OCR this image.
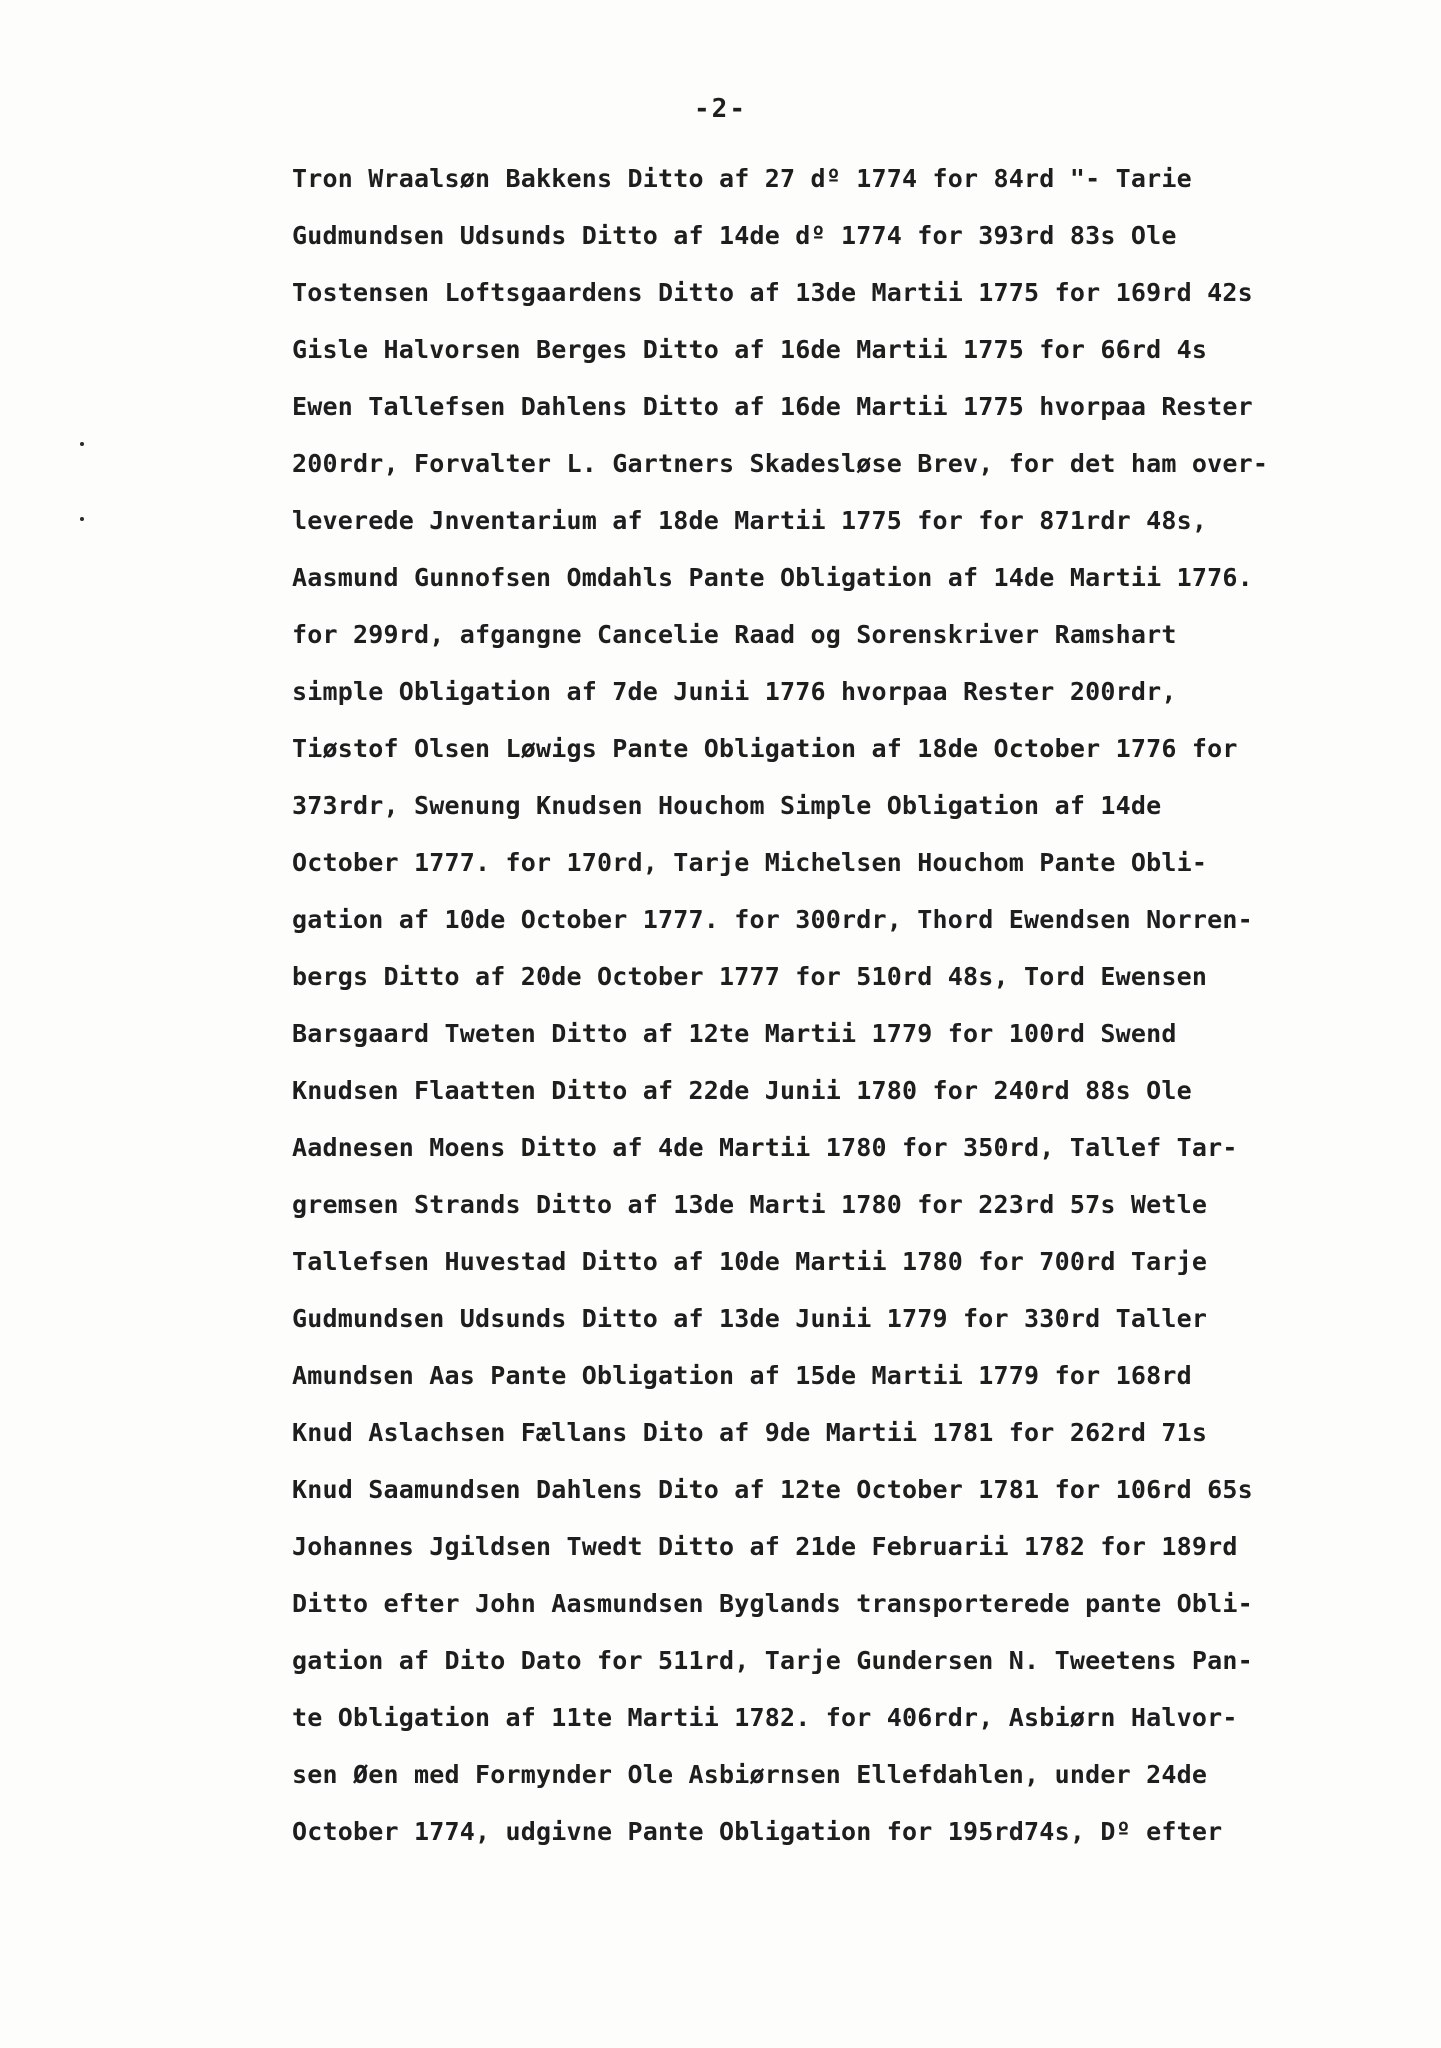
-2-
Tron Wraalsøn Bakkens Ditto af 27 dº 1774 for 84rd "- Tarie
Gudmundsen Udsunds Ditto af 14de dº 1774 for 393rd 83s Ole
Tostensen Loftsgaardens Ditto af 13de Martii 1775 for 169rd 42s
Gisle Halvorsen Berges Ditto af 16de Martii 1775 for 66rd 4s
Ewen Tallefsen Dahlens Ditto af 16de Martii 1775 hvorpaa Rester
200rdr, Forvalter L. Gartners Skadesløse Brev, for det ham over-
leverede Jnventarium af 18de Martii 1775 for for 871rdr 48s,
Aasmund Gunnofsen Omdahls Pante Obligation af 14de Martii 1776.
for 299rd, afgangne Cancelie Raad og Sorenskriver Ramshart
simple Obligation af 7de Junii 1776 hvorpaa Rester 200rdr,
Tiøstof Olsen Løwigs Pante Obligation af 18de October 1776 for
373rdr, Swenung Knudsen Houchom Simple Obligation af 14de
October 1777. for 170rd, Tarje Michelsen Houchom Pante Obli-
gation af 10de October 1777. for 300rdr, Thord Ewendsen Norren-
bergs Ditto af 20de October 1777 for 510rd 48s, Tord Ewensen
Barsgaard Tweten Ditto af 12te Martii 1779 for 100rd Swend
Knudsen Flaatten Ditto af 22de Junii 1780 for 240rd 88s Ole
Aadnesen Moens Ditto af 4de Martii 1780 for 350rd, Tallef Tar-
gremsen Strands Ditto af 13de Marti 1780 for 223rd 57s Wetle
Tallefsen Huvestad Ditto af 10de Martii 1780 for 700rd Tarje
Gudmundsen Udsunds Ditto af 13de Junii 1779 for 330rd Taller
Amundsen Aas Pante Obligation af 15de Martii 1779 for 168rd
Knud Aslachsen Fællans Dito af 9de Martii 1781 for 262rd 71s
Knud Saamundsen Dahlens Dito af 12te October 1781 for 106rd 65s
Johannes Jgildsen Twedt Ditto af 21de Februarii 1782 for 189rd
Ditto efter John Aasmundsen Byglands transporterede pante Obli-
gation af Dito Dato for 511rd, Tarje Gundersen N. Tweetens Pan-
te Obligation af 11te Martii 1782. for 406rdr, Asbiørn Halvor-
sen Øen med Formynder Ole Asbiørnsen Ellefdahlen, under 24de
October 1774, udgivne Pante Obligation for 195rd74s, Dº efter
